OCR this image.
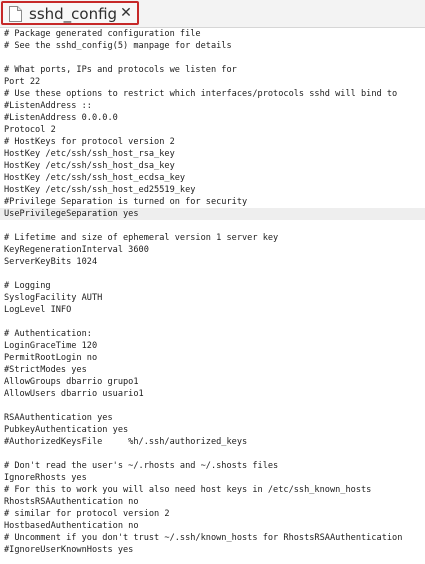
sshd_config ✕
# Package generated configuration file
# See the sshd_config(5) manpage for details
# What ports, IPs and protocols we listen for
Port 22
# Use these options to restrict which interfaces/protocols sshd will bind to
#ListenAddress ::
#ListenAddress 0.0.0.0
Protocol 2
# HostKeys for protocol version 2
HostKey /etc/ssh/ssh_host_rsa_key
HostKey /etc/ssh/ssh_host_dsa_key
HostKey /etc/ssh/ssh_host_ecdsa_key
HostKey /etc/ssh/ssh_host_ed25519_key
#Privilege Separation is turned on for security
UsePrivilegeSeparation yes
# Lifetime and size of ephemeral version 1 server key
KeyRegenerationInterval 3600
ServerKeyBits 1024
# Logging
SyslogFacility AUTH
LogLevel INFO
# Authentication:
LoginGraceTime 120
PermitRootLogin no
#StrictModes yes
AllowGroups dbarrio grupo1
AllowUsers dbarrio usuario1
RSAAuthentication yes
PubkeyAuthentication yes
#AuthorizedKeysFile     %h/.ssh/authorized_keys
# Don't read the user's ~/.rhosts and ~/.shosts files
IgnoreRhosts yes
# For this to work you will also need host keys in /etc/ssh_known_hosts
RhostsRSAAuthentication no
# similar for protocol version 2
HostbasedAuthentication no
# Uncomment if you don't trust ~/.ssh/known_hosts for RhostsRSAAuthentication
#IgnoreUserKnownHosts yes
